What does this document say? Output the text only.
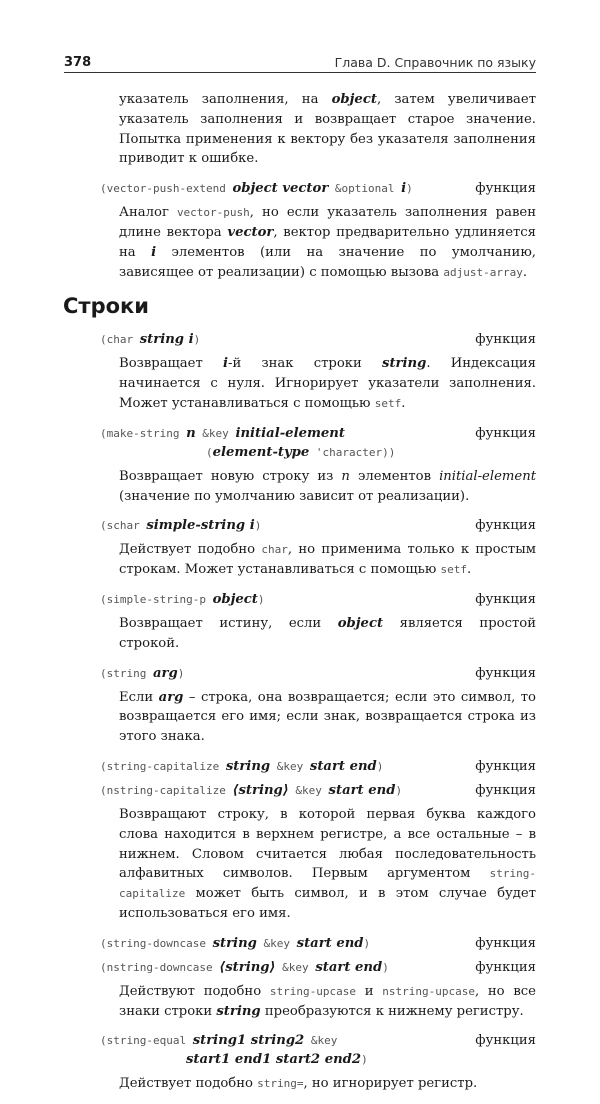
378	Глава D. Справочник по языку

указатель заполнения, на object, затем увеличивает указатель заполнения и возвращает старое значение. Попытка применения к вектору без указателя заполнения приводит к ошибке.

(vector-push-extend object vector &optional i)	функция

Аналог vector-push, но если указатель заполнения равен длине вектора vector, вектор предварительно удлиняется на i элементов (или на значение по умолчанию, зависящее от реализации) с помощью вызова adjust-array.

Строки
(char string i)	функция

Возвращает i-й знак строки string. Индексация начинается с нуля. Игнорирует указатели заполнения. Может устанавливаться с помощью setf.

(make-string n &key initial-element	функция
(element-type 'character))

Возвращает новую строку из n элементов initial-element (значение по умолчанию зависит от реализации).

(schar simple-string i)	функция

Действует подобно char, но применима только к простым строкам. Может устанавливаться с помощью setf.

(simple-string-p object)	функция

Возвращает истину, если object является простой строкой.

(string arg)	функция

Если arg – строка, она возвращается; если это символ, то возвращается его имя; если знак, возвращается строка из этого знака.

(string-capitalize string &key start end)	функция
(nstring-capitalize ⟨string⟩ &key start end)	функция

Возвращают строку, в которой первая буква каждого слова находится в верхнем регистре, а все остальные – в нижнем. Словом считается любая последовательность алфавитных символов. Первым аргументом string-capitalize может быть символ, и в этом случае будет использоваться его имя.

(string-downcase string &key start end)	функция
(nstring-downcase ⟨string⟩ &key start end)	функция

Действуют подобно string-upcase и nstring-upcase, но все знаки строки string преобразуются к нижнему регистру.

(string-equal string1 string2 &key	функция
start1 end1 start2 end2)

Действует подобно string=, но игнорирует регистр.
